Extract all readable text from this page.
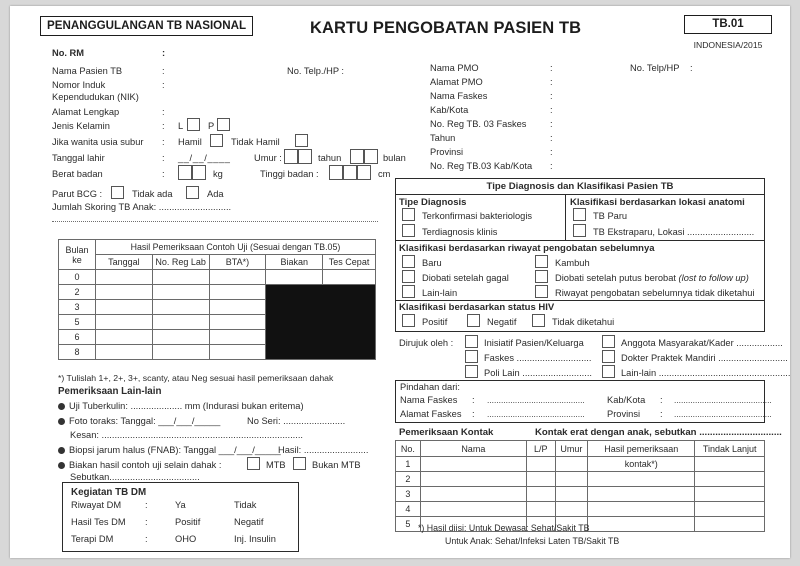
PENANGGULANGAN TB NASIONAL	KARTU PENGOBATAN PASIEN TB	TB.01
INDONESIA/2015
No. RM	:
Nama Pasien TB	:	No. Telp./HP :
Nomor Induk	:
Kependudukan (NIK)
Alamat Lengkap	:
Jenis Kelamin	: L	P
Jika wanita usia subur : Hamil	Tidak Hamil
Tanggal lahir	: __/__/____	Umur :	tahun	bulan
Berat badan	:	kg	Tinggi badan :	cm
Parut BCG :	Tidak ada	Ada
Jumlah Skoring TB Anak: ............................
Nama PMO	:	No. Telp/HP :
Alamat PMO	:
Nama Faskes	:
Kab/Kota	:
No. Reg TB. 03 Faskes	:
Tahun	:
Provinsi	:
No. Reg TB.03 Kab/Kota :
Bulan
ke	Hasil Pemeriksaan Contoh Uji (Sesuai dengan TB.05)				
	Tanggal	No. Reg Lab	BTA*)	Biakan	Tes Cepat
0					
2					
3					
5					
6					
8					
*) Tulislah 1+, 2+, 3+, scanty, atau Neg sesuai hasil pemeriksaan dahak
Pemeriksaan Lain-lain
Uji Tuberkulin: .................... mm (Indurasi bukan eritema)
Foto toraks: Tanggal: ___/___/_____	No Seri: ........................
Kesan: ..............................................................................
Biopsi jarum halus (FNAB): Tanggal ___/___/_____
Hasil: .........................
Biakan hasil contoh uji selain dahak :	MTB	Bukan MTB
Sebutkan...................................
Kegiatan TB DM
Riwayat DM	:	Ya	Tidak
Hasil Tes DM :	Positif	Negatif
Terapi DM	:	OHO	Inj. Insulin
Tipe Diagnosis dan Klasifikasi Pasien TB
Tipe Diagnosis
Terkonfirmasi bakteriologis
Terdiagnosis klinis
Klasifikasi berdasarkan lokasi anatomi
TB Paru
TB Ekstraparu, Lokasi ..........................
Klasifikasi berdasarkan riwayat pengobatan sebelumnya
Baru	Kambuh
Diobati setelah gagal	Diobati setelah putus berobat (lost to follow up)
Lain-lain	Riwayat pengobatan sebelumnya tidak diketahui
Klasifikasi berdasarkan status HIV
Positif	Negatif	Tidak diketahui
Dirujuk oleh :	Inisiatif Pasien/Keluarga	Anggota Masyarakat/Kader ..................
Faskes .............................	Dokter Praktek Mandiri ...........................
Poli Lain ...........................	Lain-lain ...................................................
Pindahan dari:
Nama Faskes : .......................................... Kab/Kota : ..........................................
Alamat Faskes : .......................................... Provinsi : ..........................................
Pemeriksaan Kontak	Kontak erat dengan anak, sebutkan ...............................
No.	Nama	L/P	Umur	Hasil pemeriksaan	Tindak Lanjut
1				kontak*)	
2					
3					
4					
5					*) Hasil diisi: Untuk Dewasa: Sehat/Sakit TB
Untuk Anak: Sehat/Infeksi Laten TB/Sakit TB
